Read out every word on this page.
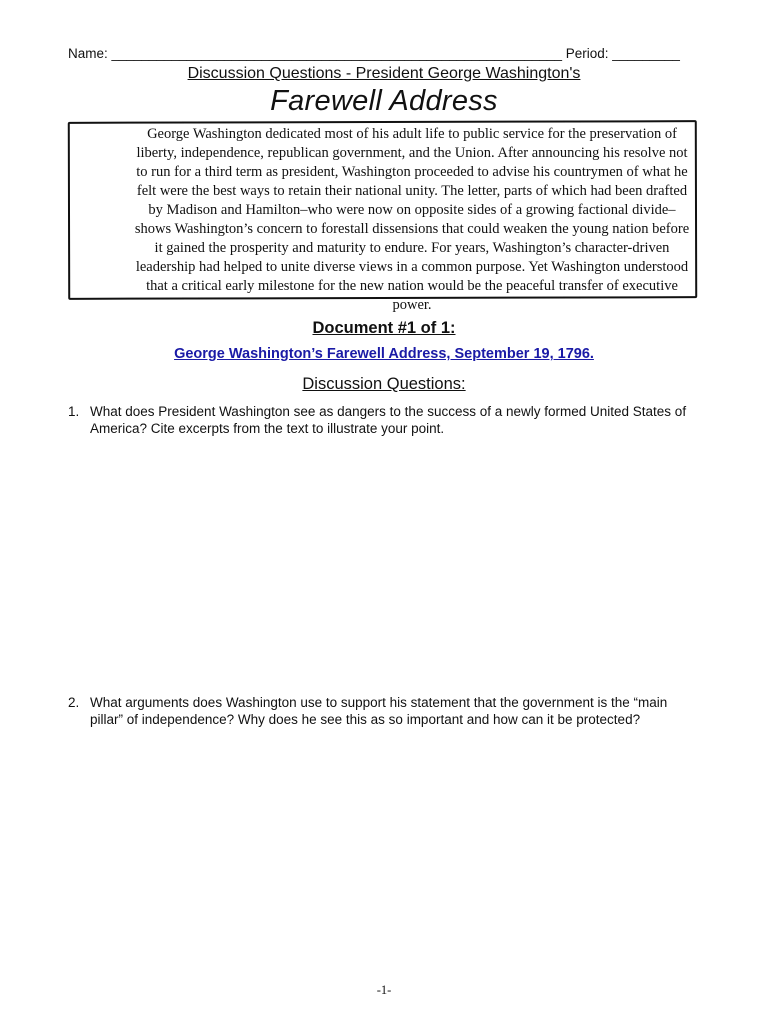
Name: ____________________________________________________________ Period: _________
Discussion Questions - President George Washington's
Farewell Address
George Washington dedicated most of his adult life to public service for the preservation of liberty, independence, republican government, and the Union. After announcing his resolve not to run for a third term as president, Washington proceeded to advise his countrymen of what he felt were the best ways to retain their national unity. The letter, parts of which had been drafted by Madison and Hamilton–who were now on opposite sides of a growing factional divide–shows Washington’s concern to forestall dissensions that could weaken the young nation before it gained the prosperity and maturity to endure. For years, Washington’s character-driven leadership had helped to unite diverse views in a common purpose. Yet Washington understood that a critical early milestone for the new nation would be the peaceful transfer of executive power.
Document #1 of 1:
George Washington’s Farewell Address, September 19, 1796.
Discussion Questions:
1. What does President Washington see as dangers to the success of a newly formed United States of America? Cite excerpts from the text to illustrate your point.
2. What arguments does Washington use to support his statement that the government is the “main pillar” of independence? Why does he see this as so important and how can it be protected?
-1-
